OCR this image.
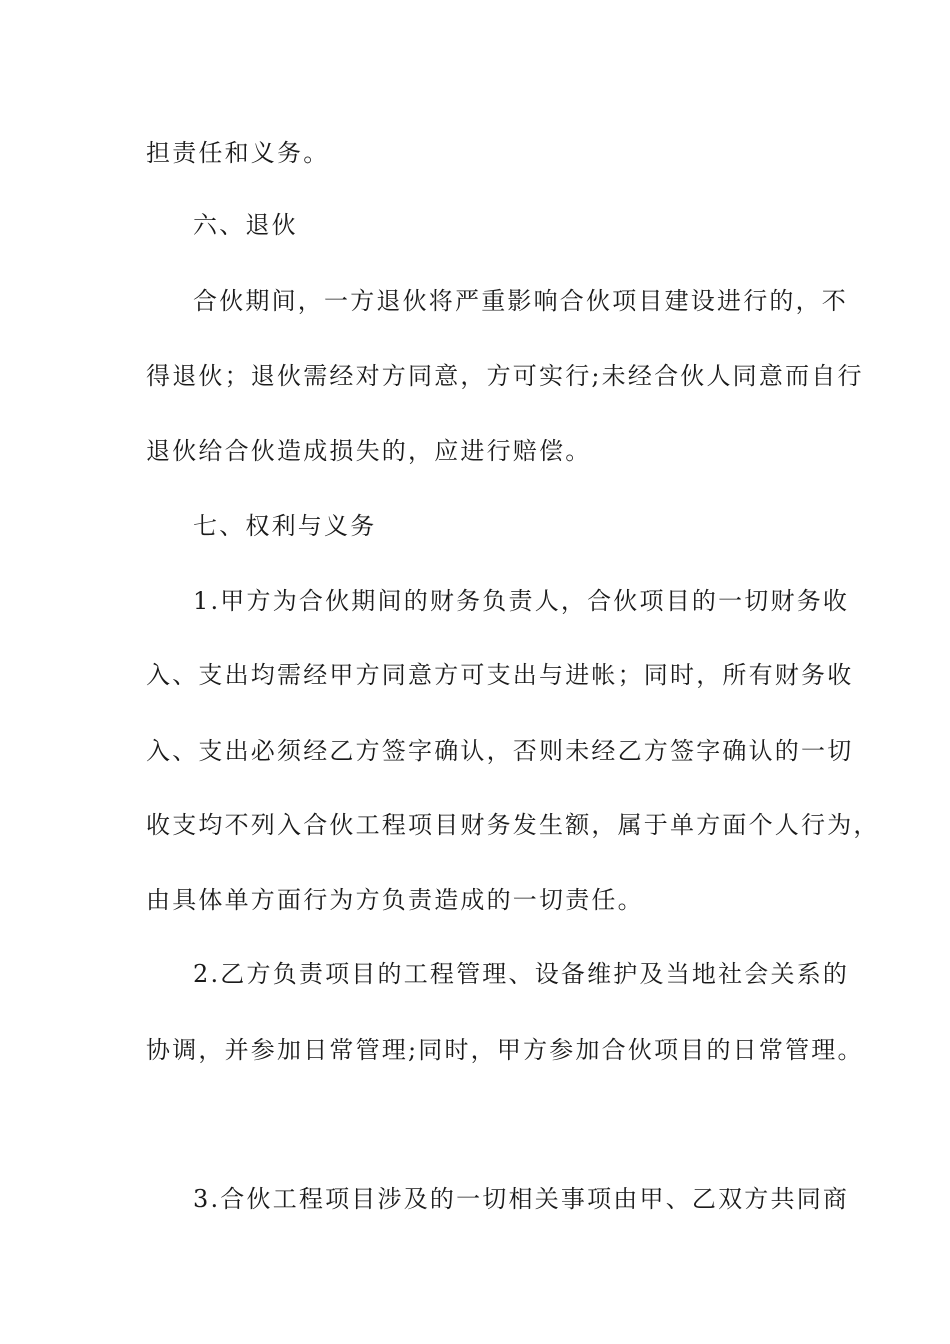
担责任和义务。
六、退伙
合伙期间，一方退伙将严重影响合伙项目建设进行的，不
得退伙；退伙需经对方同意，方可实行;未经合伙人同意而自行
退伙给合伙造成损失的，应进行赔偿。
七、权利与义务
1.甲方为合伙期间的财务负责人，合伙项目的一切财务收
入、支出均需经甲方同意方可支出与进帐；同时，所有财务收
入、支出必须经乙方签字确认，否则未经乙方签字确认的一切
收支均不列入合伙工程项目财务发生额，属于单方面个人行为，
由具体单方面行为方负责造成的一切责任。
2.乙方负责项目的工程管理、设备维护及当地社会关系的
协调，并参加日常管理;同时，甲方参加合伙项目的日常管理。
3.合伙工程项目涉及的一切相关事项由甲、乙双方共同商
